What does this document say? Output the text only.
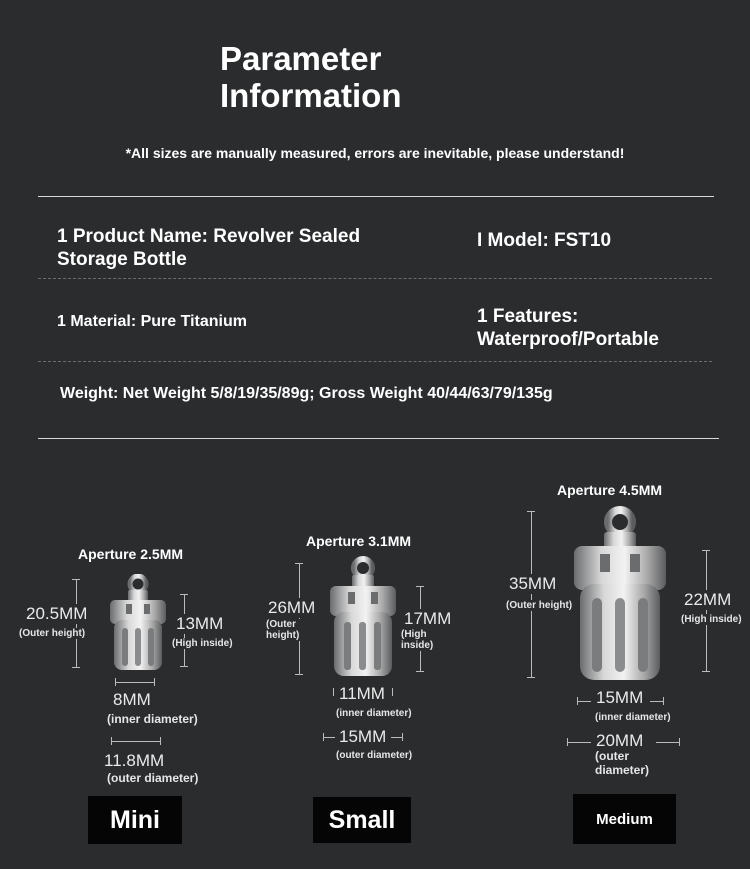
Parameter
Information
*All sizes are manually measured, errors are inevitable, please understand!
1 Product Name: Revolver Sealed
Storage Bottle
I Model: FST10
1 Material: Pure Titanium	1 Features:
Waterproof/Portable
Weight: Net Weight 5/8/19/35/89g; Gross Weight 40/44/63/79/135g
Aperture 2.5MM
20.5MM
(Outer height)
13MM
(High inside)
8MM
(inner diameter)
11.8MM
(outer diameter)
Mini
Aperture 3.1MM
26MM
(Outer
height)
17MM
(High
inside)
11MM
(inner diameter)
15MM
(outer diameter)
Small
Aperture 4.5MM
35MM
(Outer height)	22MM
(High inside)
15MM
(inner diameter)
20MM
(outer
diameter)
Medium
